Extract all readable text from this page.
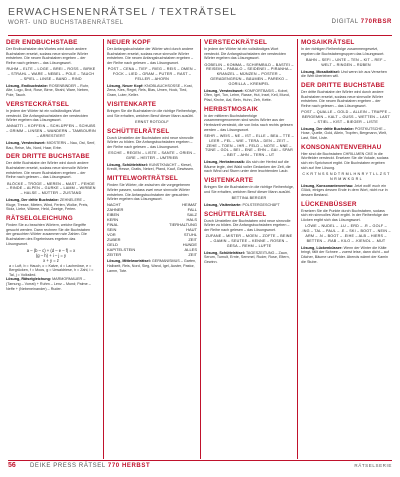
ERWACHSENENRÄTSEL / TEXTRÄTSEL
WORT- UND BUCHSTABENRÄTSEL	DIGITAL 770RBSR
DER ENDBUCHSTABE

Der Endbuchstabe des Wortes wird durch andere Buchstaben ersetzt, sodass neue sinnvolle Wörter entstehen. Die neuen Buchstaben ergeben – der Reihe nach gelesen – das Lösungswort.

RUHM – ELTE – LOGE – BREI – ROSS – BIRKE – STRAHL – WARE – NEBEL – POLE – TAUCH – SPIEL – LINSE – BAND – RIND
Lösung, Endbuchstabe: ROSENBINDER – Ruhr, Alte, Logo, Brot, Rose, Birne, Strahl, Ware, Neben, Pole, Tauch.
VERSTECKRÄTSEL

In jedem der Wörter ist ein vollständiges Wort versteckt. Die Anfangsbuchstaben der versteckten Wörter ergeben das Lösungswort.

ANNATTI – KOFFEIN – SCHLÜPFEN – SCHUBS – GRIMM – LINSEN – WANDERN – TAMBOURIN – ARRESTIERT
Lösung, Versteckwort: MIOSTERN – Nau, Ost, Senf, Bau, Reise, Mu, Nord, Haar, Erbe.
DER DRITTE BUCHSTABE

Der dritte Buchstabe der Wörter wird durch andere Buchstaben ersetzt, sodass neue sinnvolle Wörter entstehen. Die neuen Buchstaben ergeben – der Reihe nach gelesen – das Lösungswort.

BLÖCKE – TRÖGE – MEREN – MAST – FEHDE – RINDE – ALPEN – GURKE – LAMM – WIRBEN – HALSE – MÜTTER – ZUSTAND
Lösung, Der dritte Buchstabe: ZEHNELERE – Kluge, Tresse, Mieten, Wind, Ferien, Wolke, Preis, Stolz, Liebe, Wärme, Held, Zweige, Ferien.
RÄTSELGLEICHUNG

Finden Sie zu beachten Wörtern, welche Begriffe gesucht werden. Dann rechnen Sie die Buchstaben der gesuchten Wörter zusammen wie Zahlen. Die Buchstaben des Ergebnisses ergeben das Lösungswort.

a – (b – c) + (d – e – f) = x
(g – h) + i – j = y
x + y = z
a = Luft, b = Hauch, c = Katze, d = Lachmöwe, e = Bergrücken, f = Moos, g = Urwaldriese, h = Zahl, i = Tal, j = Volkslied.
Lösung, Rätselgleichung: MARMORMAUER – (Tarnung – Vorrat) + Ruhm – Lenz – Mund; Palme – Neffe + (Nebeneinander) – Ruder.
NEUER KOPF

Der Anfangsbuchstabe der Wörter wird durch andere Buchstaben ersetzt, sodass neue sinnvolle Wörter entstehen. Die neuen Anfangsbuchstaben ergeben – der Reihe nach gelesen – das Lösungswort.

POST – CENA – TIEF – RIEG – REIS – OMEN – FOCK – LIED – GRAM – PUTER – RAST – FELLER – AHORN
Lösung, Neuer Kopf: KNOBLAUCHSOSSE – Kost, Zena, Kies, Regel, Reis, Blas, Umen, Hock, Tied, Gram, Luter, Keller.
VISITENKARTE

Bringen Sie die Buchstaben in die richtige Reihenfolge, und Sie erhalten, welchen Beruf dieser Mann ausübt.

ERNST ROTDOLF
SCHÜTTELRÄTSEL

Durch Umstellen der Buchstaben wird neue sinnvolle Wörter zu bilden. Die Anfangsbuchstaben ergeben – der Reihe nach gelesen – das Lösungswort.

ESCHE – REGEN – LISTE – SANTE – ORIEN – GIRE – HEITER – UMTRIEB
Lösung, Schüttelrätsel: KUNSTKNACHT – Kiesel, Kredit, Hesse, Gratis, Netzel, Pfand, Kauf, Gewissen.
MITTELWORTRÄTSEL

Finden Sie Wörter, die zwischen die vorgegebenen Wörter passen, sodass zwei neue sinnvolle Wörter entstehen. Die Anfangsbuchstaben der gesuchten Wörter ergeben das Lösungswort.

NACHT	HEIMAT
ZAHNER	FALL
EIBEN	SALZ
KERN	HALS
FINAL	TIERHALTUNG
SEIN	HAUT
VOR	STUHL
ZUBER	ZEIT
GELD	HUNDE
KAPITELSTEIN	ALLES
ZEITER	ZEIT
Lösung, Mittelworträtsel: GERMANISMUS – Garten, Halbzeit, Reis, Nord, Sieg, Wand, Igel, Auster, Pastor, Lamm, Tote.
VERSTECKRÄTSEL

In jedem der Wörter ist ein vollständiges Wort versteckt. Die Anfangsbuchstaben der versteckten Wörter ergeben das Lösungswort.

GOBELIN – KOMMA – SCHIRMBILD – BASTEI – REISEIN – PABALO – SEIDENEI – PIRANHA – KRANZEL – MÜNZEN – POSTER – GERADENGRÜN – BÄUMEN – PAREKO – GORILLA – KREMPEL
Lösung, Versteckwort: KOMFORTBASIS – Kobel, Ofen, Igel, Ton, Lehm, Rasse, Hut, Insel, Keil, Mund, Pfad, Kirche, Aal, Bein, Huhn, Zeh, Kette.
HERBSTMOSAIK

In der mittleren Buchstabenfolge zusammengenommen sind sechs Wörter aus der Herbstzeit versteckt, die von links nach rechts gelesen werden – das Lösungswort.

SEHR – WEIS – NE – IST – ELLE – BEA – TTE – LEER – FEL – WIE – TERA – DEN – ZEIT – ZEHE – TOEN – IHR – FELD – NOTE – NNE – TÜNE – GOL – BEI – ENE – EHN – GAI – SPAR – BEIT – AHN – TERN – UT
Lösung, Herbstmosaik: Als sich der Herbst auf die Bäume legte, drei Wald voller Gedanken der Zeit, die nach Wind und Sturm unter dem leuchtenden Laub.
VISITENKARTE

Bringen Sie die Buchstaben in die richtige Reihenfolge, und Sie erhalten, welchen Beruf dieser Mann ausübt.

BETTINA BERGER
Lösung, Visitenkarte: POLSTERGESCHÄFT
SCHÜTTELRÄTSEL

Durch Umstellen der Buchstaben wird neue sinnvolle Wörter zu bilden. Die Anfangsbuchstaben ergeben – der Reihe nach gelesen – das Lösungswort.

ZUFANE – MISTER – MOEN – ZOFTE – BEINE – GAMIN – SEUTEE – KENNE – ROSEN – GESA – REHM – LUFTE
Lösung, Schüttelrätsel: TAGESZEITUNG – Zaun, Serum, Tumult, Ernte, Semmel, Ruder, Rose, Eltern, Gewinn.
MOSAIKRÄTSEL

In der richtigen Reihenfolge zusammengesetzt, ergeben die Buchstabengruppen das Lösungswort.

BAHN – SEFI – UNTE – TEN – KIT – REF – WELT – RINGEN – RÜBEN
Lösung, Mosaikrätsel: Und wenn ich aus Versehen die Welt überleben will.
DER DRITTE BUCHSTABE

Der dritte Buchstabe der Wörter wird durch andere Buchstaben ersetzt, sodass neue sinnvolle Wörter entstehen. Die neuen Buchstaben ergeben – der Reihe nach gelesen – das Lösungswort.

POST – QUALLE – GOLD – ALLEIN – TRAPFE – BERGEMIN – KALT – GUSS – WETTEN – LAST – STIEL – KIST – BIEGER – LISTE
Lösung, Der dritte Buchstabe: POSTKUTSCHE – Hose, Quelle, Gold, Allein, Tropfen, Bergmann, Welt, Last, Stiel, Liste.
KONSONANTENVERHAU

Hier sind die Buchstaben CHRILLMEN CKE in die Wortfelder versteckt. Ersetzen Sie die Vokale, sodass sich ein Sprichwort ergibt. Die Buchstaben ergeben sich auf Ihre Lösung.

C K R T N S S N D T R M L H N R Y T L L Z S T N R M W K D R L
Lösung, Konsonantenverhau: Jetzt wollt' euch ein Glück, einiges dessen Ende in dem Wort, nicht nur in dessen Bestand.
LÜCKENBÜSSER

Ersetzen Sie die Punkte durch Buchstaben, sodass sich ein sinnvolles Wort ergibt. In der Reihenfolge der Lücken ergibt sich das Lösungswort.

LÖWE – NUDEL – .LU – ERD – .R – GOLF – .ING – TAL – PAUL – .E – SKI – BOOT – .NEIN – ARM – .N – BOOT – .EIHE – ALB – HIERS – BETTEN – .RAB – KILO – .KIENOL – .MUT
Lösung, Lückenbüsser: Wenn der Winter die Kälte bringt, fällt der Schnee – zuerst leise, dann dicht – auf Dächer, Bäume und Felder. Abends wärmt der Kamin die Stube.
56 DEIKE PRESS RÄTSEL 770 HERBST	RÄTSELSERIE
